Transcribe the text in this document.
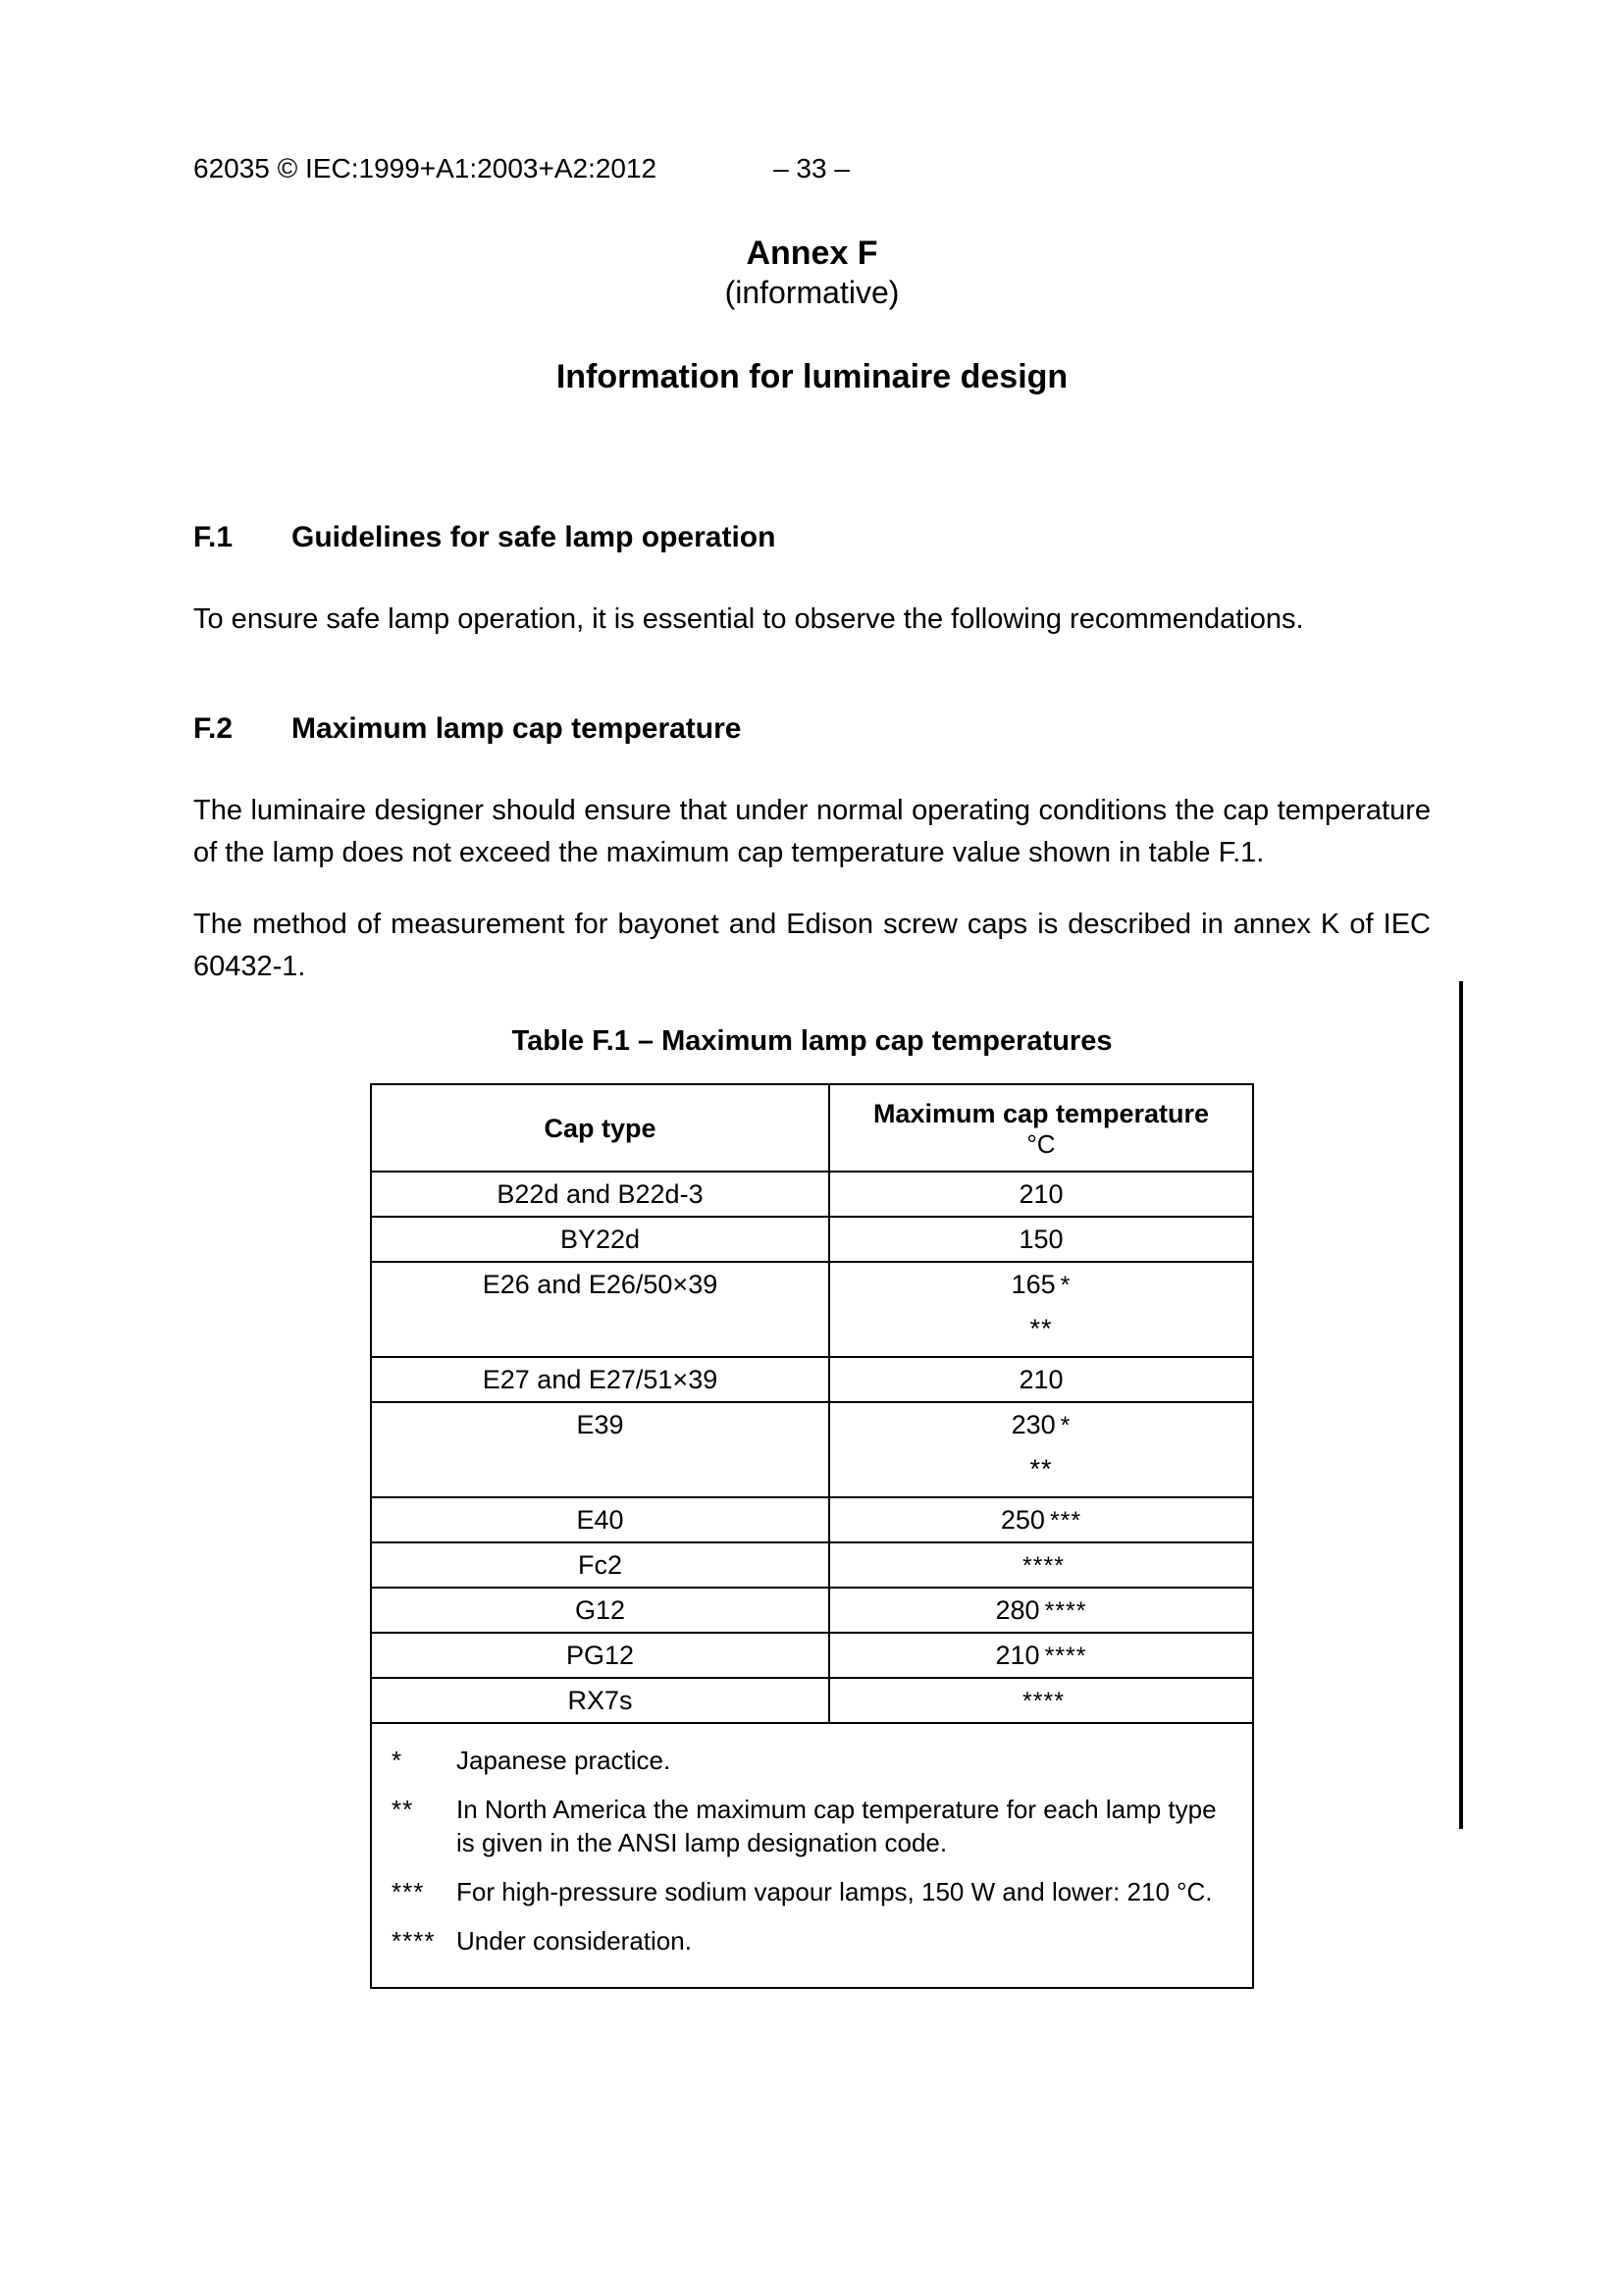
62035 © IEC:1999+A1:2003+A2:2012	– 33 –
Annex F
(informative)
Information for luminaire design
F.1 Guidelines for safe lamp operation

To ensure safe lamp operation, it is essential to observe the following recommendations.

F.2 Maximum lamp cap temperature

The luminaire designer should ensure that under normal operating conditions the cap temperature of the lamp does not exceed the maximum cap temperature value shown in table F.1.

The method of measurement for bayonet and Edison screw caps is described in annex K of IEC 60432-1.

Table F.1 – Maximum lamp cap temperatures
Cap type	Maximum cap temperature
°C

B22d and B22d-3	210

BY22d	150

E26 and E26/50×39	165 *
**

E27 and E27/51×39	210

E39	230 *
**

E40	250 ***

Fc2	****

G12	280 ****

PG12	210 ****

RX7s	****

*	Japanese practice.
**	In North America the maximum cap temperature for each lamp type is given in the ANSI lamp designation code.
***	For high-pressure sodium vapour lamps, 150 W and lower: 210 °C.
**** Under consideration.
